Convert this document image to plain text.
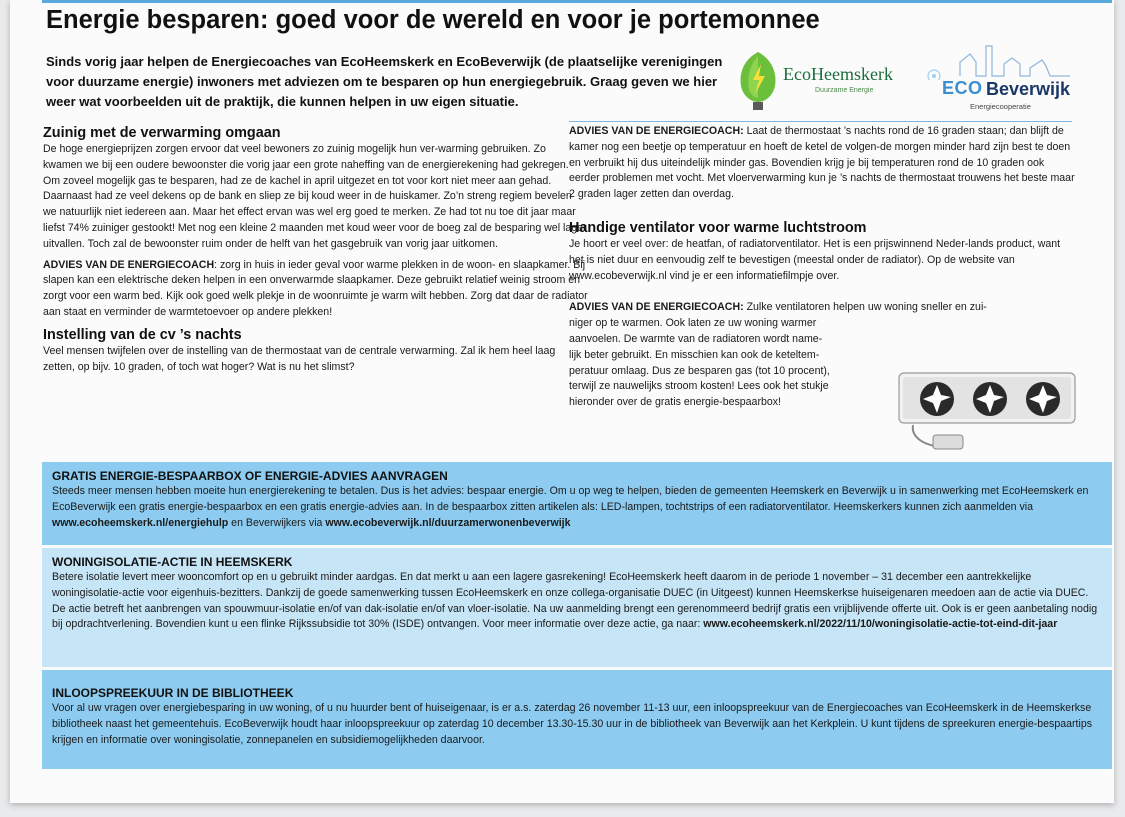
Energie besparen: goed voor de wereld en voor je portemonnee
Sinds vorig jaar helpen de Energiecoaches van EcoHeemskerk en EcoBeverwijk (de plaatselijke verenigingen voor duurzame energie) inwoners met adviezen om te besparen op hun energiegebruik. Graag geven we hier weer wat voorbeelden uit de praktijk, die kunnen helpen in uw eigen situatie.
EcoHeemskerk
Duurzame Energie	ECO Beverwijk
Energiecooperatie
Zuinig met de verwarming omgaan

De hoge energieprijzen zorgen ervoor dat veel bewoners zo zuinig mogelijk hun ver-warming gebruiken. Zo kwamen we bij een oudere bewoonster die vorig jaar een grote naheffing van de energierekening had gekregen. Om zoveel mogelijk gas te besparen, had ze de kachel in april uitgezet en tot voor kort niet meer aan gehad. Daarnaast had ze veel dekens op de bank en sliep ze bij koud weer in de huiskamer. Zo’n streng regiem bevelen we natuurlijk niet iedereen aan. Maar het effect ervan was wel erg goed te merken. Ze had tot nu toe dit jaar maar liefst 74% zuiniger gestookt! Met nog een kleine 2 maanden met koud weer voor de boeg zal de besparing wel lager uitvallen. Toch zal de bewoonster ruim onder de helft van het gasgebruik van vorig jaar uitkomen.

ADVIES VAN DE ENERGIECOACH: zorg in huis in ieder geval voor warme plekken in de woon- en slaapkamer. Bij slapen kan een elektrische deken helpen in een onverwarmde slaapkamer. Deze gebruikt relatief weinig stroom en zorgt voor een warm bed. Kijk ook goed welk plekje in de woonruimte je warm wilt hebben. Zorg dat daar de radiator aan staat en verminder de warmtetoevoer op andere plekken!

Instelling van de cv ’s nachts

Veel mensen twijfelen over de instelling van de thermostaat van de centrale verwarming. Zal ik hem heel laag zetten, op bijv. 10 graden, of toch wat hoger? Wat is nu het slimst?

ADVIES VAN DE ENERGIECOACH: Laat de thermostaat ’s nachts rond de 16 graden staan; dan blijft de kamer nog een beetje op temperatuur en hoeft de ketel de volgen-de morgen minder hard zijn best te doen en verbruikt hij dus uiteindelijk minder gas. Bovendien krijg je bij temperaturen rond de 10 graden ook eerder problemen met vocht. Met vloerverwarming kun je ’s nachts de thermostaat trouwens het beste maar 2 graden lager zetten dan overdag.

Handige ventilator voor warme luchtstroom

Je hoort er veel over: de heatfan, of radiatorventilator. Het is een prijswinnend Neder-lands product, want het is niet duur en eenvoudig zelf te bevestigen (meestal onder de radiator). Op de website van www.ecobeverwijk.nl vind je er een informatiefilmpje over.

ADVIES VAN DE ENERGIECOACH: Zulke ventilatoren helpen uw woning sneller en zui-
niger op te warmen. Ook laten ze uw woning warmer
aanvoelen. De warmte van de radiatoren wordt name-
lijk beter gebruikt. En misschien kan ook de keteltem-
peratuur omlaag. Dus ze besparen gas (tot 10 procent),
terwijl ze nauwelijks stroom kosten! Lees ook het stukje
hieronder over de gratis energie-bespaarbox!

GRATIS ENERGIE-BESPAARBOX OF ENERGIE-ADVIES AANVRAGEN

Steeds meer mensen hebben moeite hun energierekening te betalen. Dus is het advies: bespaar energie. Om u op weg te helpen, bieden de gemeenten Heemskerk en Beverwijk u in samenwerking met EcoHeemskerk en EcoBeverwijk een gratis energie-bespaarbox en een gratis energie-advies aan. In de bespaarbox zitten artikelen als: LED-lampen, tochtstrips of een radiatorventilator. Heemskerkers kunnen zich aanmelden via www.ecoheemskerk.nl/energiehulp en Beverwijkers via www.ecobeverwijk.nl/duurzamerwonenbeverwijk

WONINGISOLATIE-ACTIE IN HEEMSKERK

Betere isolatie levert meer wooncomfort op en u gebruikt minder aardgas. En dat merkt u aan een lagere gasrekening! EcoHeemskerk heeft daarom in de periode 1 november – 31 december een aantrekkelijke woningisolatie-actie voor eigenhuis-bezitters. Dankzij de goede samenwerking tussen EcoHeemskerk en onze collega-organisatie DUEC (in Uitgeest) kunnen Heemskerkse huiseigenaren meedoen aan de actie via DUEC. De actie betreft het aanbrengen van spouwmuur-isolatie en/of van dak-isolatie en/of van vloer-isolatie. Na uw aanmelding brengt een gerenommeerd bedrijf gratis een vrijblijvende offerte uit. Ook is er geen aanbetaling nodig bij opdrachtverlening. Bovendien kunt u een flinke Rijkssubsidie tot 30% (ISDE) ontvangen. Voor meer informatie over deze actie, ga naar: www.ecoheemskerk.nl/2022/11/10/woningisolatie-actie-tot-eind-dit-jaar

INLOOPSPREEKUUR IN DE BIBLIOTHEEK

Voor al uw vragen over energiebesparing in uw woning, of u nu huurder bent of huiseigenaar, is er a.s. zaterdag 26 november 11-13 uur, een inloopspreekuur van de Energiecoaches van EcoHeemskerk in de Heemskerkse bibliotheek naast het gemeentehuis. EcoBeverwijk houdt haar inloopspreekuur op zaterdag 10 december 13.30-15.30 uur in de bibliotheek van Beverwijk aan het Kerkplein. U kunt tijdens de spreekuren energie-bespaartips krijgen en informatie over woningisolatie, zonnepanelen en subsidiemogelijkheden daarvoor.
